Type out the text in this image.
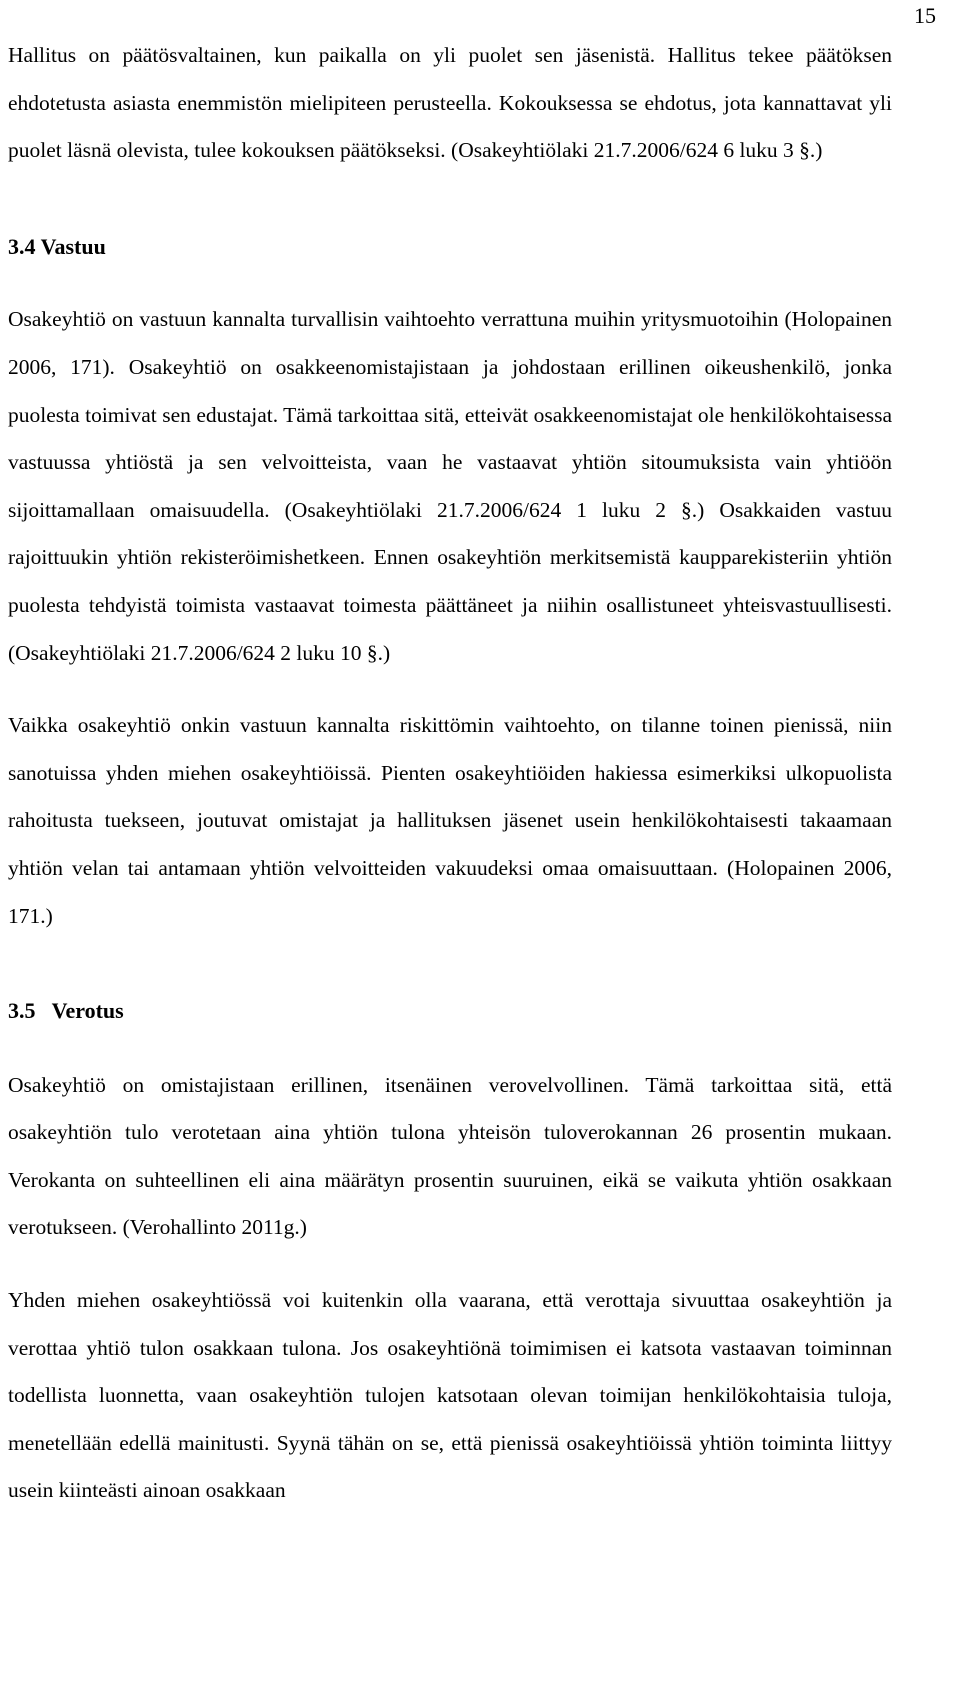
15

Hallitus on päätösvaltainen, kun paikalla on yli puolet sen jäsenistä. Hallitus tekee päätöksen ehdotetusta asiasta enemmistön mielipiteen perusteella. Kokouksessa se ehdotus, jota kannattavat yli puolet läsnä olevista, tulee kokouksen päätökseksi. (Osakeyhtiölaki 21.7.2006/624 6 luku 3 §.)

3.4 Vastuu

Osakeyhtiö on vastuun kannalta turvallisin vaihtoehto verrattuna muihin yritysmuotoihin (Holopainen 2006, 171). Osakeyhtiö on osakkeenomistajistaan ja johdostaan erillinen oikeushenkilö, jonka puolesta toimivat sen edustajat. Tämä tarkoittaa sitä, etteivät osakkeenomistajat ole henkilökohtaisessa vastuussa yhtiöstä ja sen velvoitteista, vaan he vastaavat yhtiön sitoumuksista vain yhtiöön sijoittamallaan omaisuudella. (Osakeyhtiölaki 21.7.2006/624 1 luku 2 §.) Osakkaiden vastuu rajoittuukin yhtiön rekisteröimishetkeen. Ennen osakeyhtiön merkitsemistä kaupparekisteriin yhtiön puolesta tehdyistä toimista vastaavat toimesta päättäneet ja niihin osallistuneet yhteisvastuullisesti. (Osakeyhtiölaki 21.7.2006/624 2 luku 10 §.)

Vaikka osakeyhtiö onkin vastuun kannalta riskittömin vaihtoehto, on tilanne toinen pienissä, niin sanotuissa yhden miehen osakeyhtiöissä. Pienten osakeyhtiöiden hakiessa esimerkiksi ulkopuolista rahoitusta tuekseen, joutuvat omistajat ja hallituksen jäsenet usein henkilökohtaisesti takaamaan yhtiön velan tai antamaan yhtiön velvoitteiden vakuudeksi omaa omaisuuttaan. (Holopainen 2006, 171.)

3.5 Verotus

Osakeyhtiö on omistajistaan erillinen, itsenäinen verovelvollinen. Tämä tarkoittaa sitä, että osakeyhtiön tulo verotetaan aina yhtiön tulona yhteisön tuloverokannan 26 prosentin mukaan. Verokanta on suhteellinen eli aina määrätyn prosentin suuruinen, eikä se vaikuta yhtiön osakkaan verotukseen. (Verohallinto 2011g.)

Yhden miehen osakeyhtiössä voi kuitenkin olla vaarana, että verottaja sivuuttaa osakeyhtiön ja verottaa yhtiö tulon osakkaan tulona. Jos osakeyhtiönä toimimisen ei katsota vastaavan toiminnan todellista luonnetta, vaan osakeyhtiön tulojen katsotaan olevan toimijan henkilökohtaisia tuloja, menetellään edellä mainitusti. Syynä tähän on se, että pienissä osakeyhtiöissä yhtiön toiminta liittyy usein kiinteästi ainoan osakkaan
